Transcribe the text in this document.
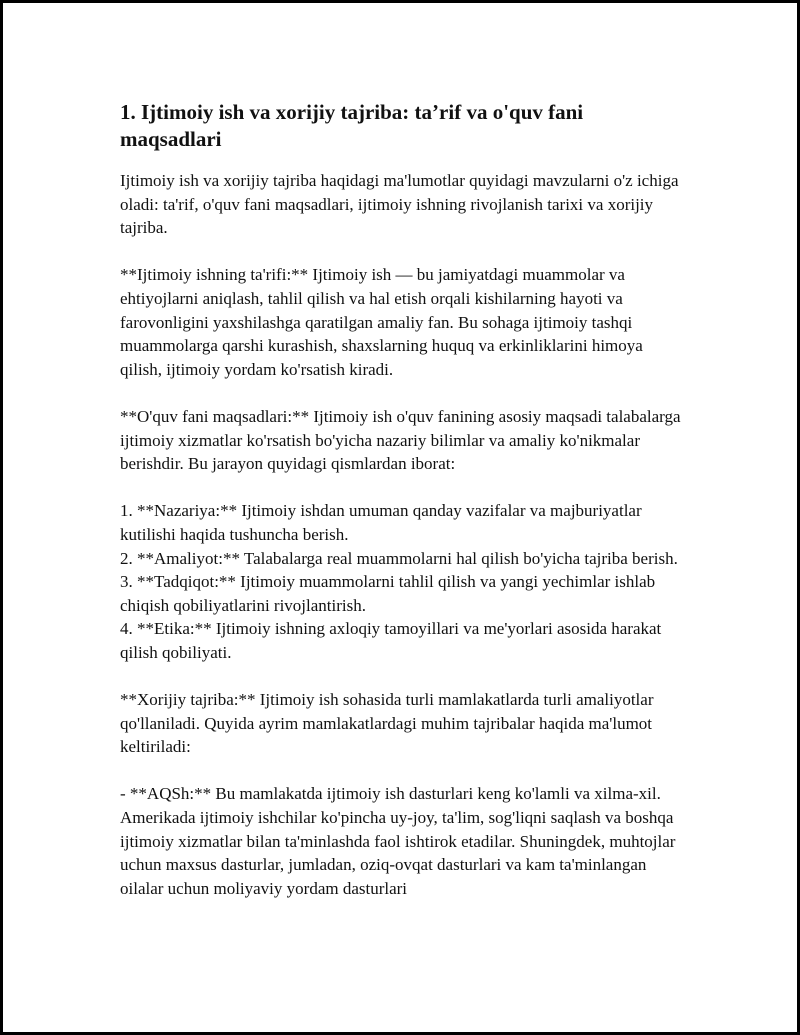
1. Ijtimoiy ish va xorijiy tajriba: ta’rif va o'quv fani maqsadlari

Ijtimoiy ish va xorijiy tajriba haqidagi ma'lumotlar quyidagi mavzularni o'z ichiga oladi: ta'rif, o'quv fani maqsadlari, ijtimoiy ishning rivojlanish tarixi va xorijiy tajriba.

**Ijtimoiy ishning ta'rifi:** Ijtimoiy ish — bu jamiyatdagi muammolar va ehtiyojlarni aniqlash, tahlil qilish va hal etish orqali kishilarning hayoti va farovonligini yaxshilashga qaratilgan amaliy fan. Bu sohaga ijtimoiy tashqi muammolarga qarshi kurashish, shaxslarning huquq va erkinliklarini himoya qilish, ijtimoiy yordam ko'rsatish kiradi.

**O'quv fani maqsadlari:** Ijtimoiy ish o'quv fanining asosiy maqsadi talabalarga ijtimoiy xizmatlar ko'rsatish bo'yicha nazariy bilimlar va amaliy ko'nikmalar berishdir. Bu jarayon quyidagi qismlardan iborat:

1. **Nazariya:** Ijtimoiy ishdan umuman qanday vazifalar va majburiyatlar kutilishi haqida tushuncha berish.

2. **Amaliyot:** Talabalarga real muammolarni hal qilish bo'yicha tajriba berish.

3. **Tadqiqot:** Ijtimoiy muammolarni tahlil qilish va yangi yechimlar ishlab chiqish qobiliyatlarini rivojlantirish.

4. **Etika:** Ijtimoiy ishning axloqiy tamoyillari va me'yorlari asosida harakat qilish qobiliyati.

**Xorijiy tajriba:** Ijtimoiy ish sohasida turli mamlakatlarda turli amaliyotlar qo'llaniladi. Quyida ayrim mamlakatlardagi muhim tajribalar haqida ma'lumot keltiriladi:

- **AQSh:** Bu mamlakatda ijtimoiy ish dasturlari keng ko'lamli va xilma-xil. Amerikada ijtimoiy ishchilar ko'pincha uy-joy, ta'lim, sog'liqni saqlash va boshqa ijtimoiy xizmatlar bilan ta'minlashda faol ishtirok etadilar. Shuningdek, muhtojlar uchun maxsus dasturlar, jumladan, oziq-ovqat dasturlari va kam ta'minlangan oilalar uchun moliyaviy yordam dasturlari
